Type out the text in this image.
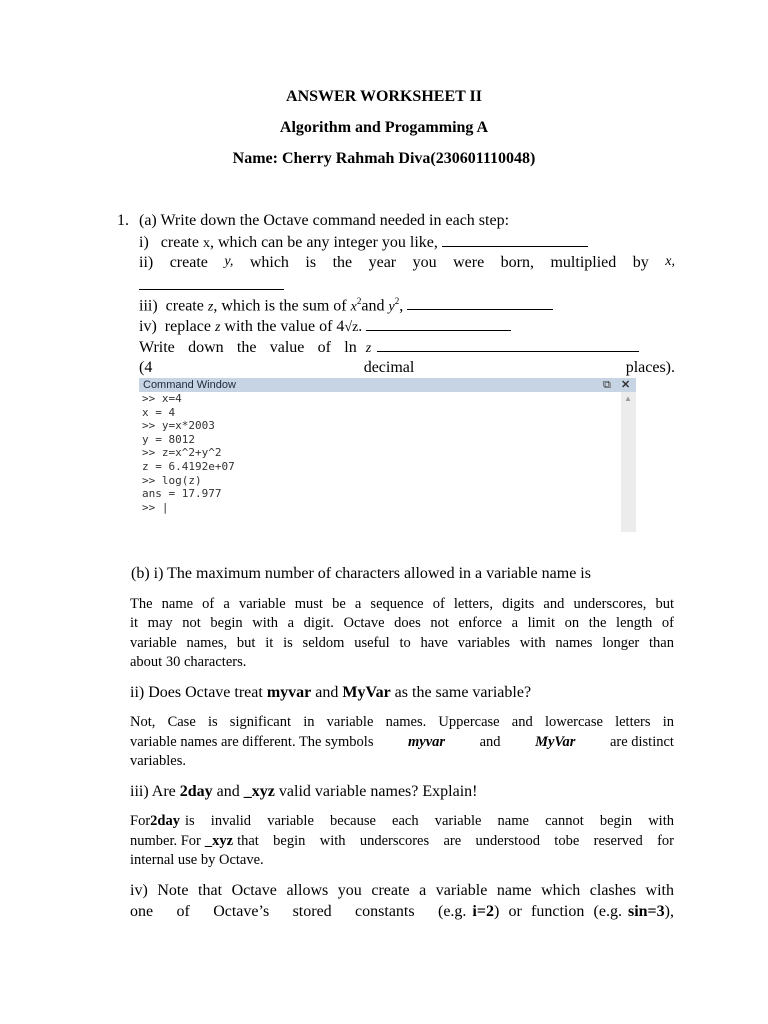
ANSWER WORKSHEET II
Algorithm and Progamming A
Name: Cherry Rahmah Diva(230601110048)
1. (a) Write down the Octave command needed in each step:
i) create x, which can be any integer you like,
ii) create y, which is the year you were born, multiplied by x,
iii) create z, which is the sum of $x^2and$ $y^2$,
iv) replace z with the value of 4√z.
Write down the value of ln z
(4	decimal	places).
Command Window	⧉ ✕
>> x=4
x = 4
>> y=x*2003
y = 8012
>> z=x^2+y^2
z = 6.4192e+07
>> log(z)
ans = 17.977
>> |
▲
(b) i) The maximum number of characters allowed in a variable name is
The name of a variable must be a sequence of letters, digits and underscores, but
it may not begin with a digit. Octave does not enforce a limit on the length of
variable names, but it is seldom useful to have variables with names longer than
about 30 characters.
ii) Does Octave treat myvar and MyVar as the same variable?
Not, Case is significant in variable names. Uppercase and lowercase letters in
variable names are different. The symbols myvar and MyVar are distinct
variables.
iii) Are 2day and _xyz valid variable names? Explain!
For 2day is invalid variable because each variable name cannot begin with
number. For _xyz that begin with underscores are understood tobe reserved for
internal use by Octave.
iv) Note that Octave allows you create a variable name which clashes with
one of Octave’s stored constants (e.g. i=2 ) or function (e.g. sin=3 ),
